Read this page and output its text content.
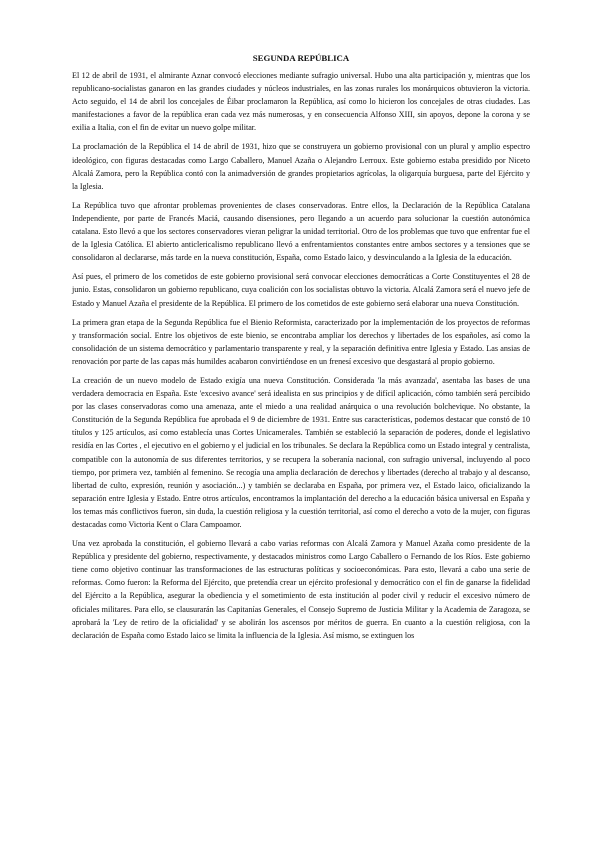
SEGUNDA REPÚBLICA
El 12 de abril de 1931, el almirante Aznar convocó elecciones mediante sufragio universal. Hubo una alta participación y, mientras que los republicano-socialistas ganaron en las grandes ciudades y núcleos industriales, en las zonas rurales los monárquicos obtuvieron la victoria. Acto seguido, el 14 de abril los concejales de Éibar proclamaron la República, así como lo hicieron los concejales de otras ciudades. Las manifestaciones a favor de la república eran cada vez más numerosas, y en consecuencia Alfonso XIII, sin apoyos, depone la corona y se exilia a Italia, con el fin de evitar un nuevo golpe militar.
La proclamación de la República el 14 de abril de 1931, hizo que se construyera un gobierno provisional con un plural y amplio espectro ideológico, con figuras destacadas como Largo Caballero, Manuel Azaña o Alejandro Lerroux. Este gobierno estaba presidido por Niceto Alcalá Zamora, pero la República contó con la animadversión de grandes propietarios agrícolas, la oligarquía burguesa, parte del Ejército y la Iglesia.
La República tuvo que afrontar problemas provenientes de clases conservadoras. Entre ellos, la Declaración de la República Catalana Independiente, por parte de Francés Maciá, causando disensiones, pero llegando a un acuerdo para solucionar la cuestión autonómica catalana. Esto llevó a que los sectores conservadores vieran peligrar la unidad territorial. Otro de los problemas que tuvo que enfrentar fue el de la Iglesia Católica. El abierto anticlericalismo republicano llevó a enfrentamientos constantes entre ambos sectores y a tensiones que se consolidaron al declararse, más tarde en la nueva constitución, España, como Estado laico, y desvinculando a la Iglesia de la educación.
Así pues, el primero de los cometidos de este gobierno provisional será convocar elecciones democráticas a Corte Constituyentes el 28 de junio. Estas, consolidaron un gobierno republicano, cuya coalición con los socialistas obtuvo la victoria. Alcalá Zamora será el nuevo jefe de Estado y Manuel Azaña el presidente de la República. El primero de los cometidos de este gobierno será elaborar una nueva Constitución.
La primera gran etapa de la Segunda República fue el Bienio Reformista, caracterizado por la implementación de los proyectos de reformas y transformación social. Entre los objetivos de este bienio, se encontraba ampliar los derechos y libertades de los españoles, así como la consolidación de un sistema democrático y parlamentario transparente y real, y la separación definitiva entre Iglesia y Estado. Las ansias de renovación por parte de las capas más humildes acabaron convirtiéndose en un frenesí excesivo que desgastará al propio gobierno.
La creación de un nuevo modelo de Estado exigía una nueva Constitución. Considerada 'la más avanzada', asentaba las bases de una verdadera democracia en España. Este 'excesivo avance' será idealista en sus principios y de difícil aplicación, cómo también será percibido por las clases conservadoras como una amenaza, ante el miedo a una realidad anárquica o una revolución bolchevique. No obstante, la Constitución de la Segunda República fue aprobada el 9 de diciembre de 1931. Entre sus características, podemos destacar que constó de 10 títulos y 125 artículos, así como establecía unas Cortes Unicamerales. También se estableció la separación de poderes, donde el legislativo residía en las Cortes , el ejecutivo en el gobierno y el judicial en los tribunales. Se declara la República como un Estado integral y centralista, compatible con la autonomía de sus diferentes territorios, y se recupera la soberanía nacional, con sufragio universal, incluyendo al poco tiempo, por primera vez, también al femenino. Se recogía una amplia declaración de derechos y libertades (derecho al trabajo y al descanso, libertad de culto, expresión, reunión y asociación...) y también se declaraba en España, por primera vez, el Estado laico, oficializando la separación entre Iglesia y Estado. Entre otros artículos, encontramos la implantación del derecho a la educación básica universal en España y los temas más conflictivos fueron, sin duda, la cuestión religiosa y la cuestión territorial, así como el derecho a voto de la mujer, con figuras destacadas como Victoria Kent o Clara Campoamor.
Una vez aprobada la constitución, el gobierno llevará a cabo varias reformas con Alcalá Zamora y Manuel Azaña como presidente de la República y presidente del gobierno, respectivamente, y destacados ministros como Largo Caballero o Fernando de los Ríos. Este gobierno tiene como objetivo continuar las transformaciones de las estructuras políticas y socioeconómicas. Para esto, llevará a cabo una serie de reformas. Como fueron: la Reforma del Ejército, que pretendía crear un ejército profesional y democrático con el fin de ganarse la fidelidad del Ejército a la República, asegurar la obediencia y el sometimiento de esta institución al poder civil y reducir el excesivo número de oficiales militares. Para ello, se clausurarán las Capitanías Generales, el Consejo Supremo de Justicia Militar y la Academia de Zaragoza, se aprobará la 'Ley de retiro de la oficialidad' y se abolirán los ascensos por méritos de guerra. En cuanto a la cuestión religiosa, con la declaración de España como Estado laico se limita la influencia de la Iglesia. Así mismo, se extinguen los
